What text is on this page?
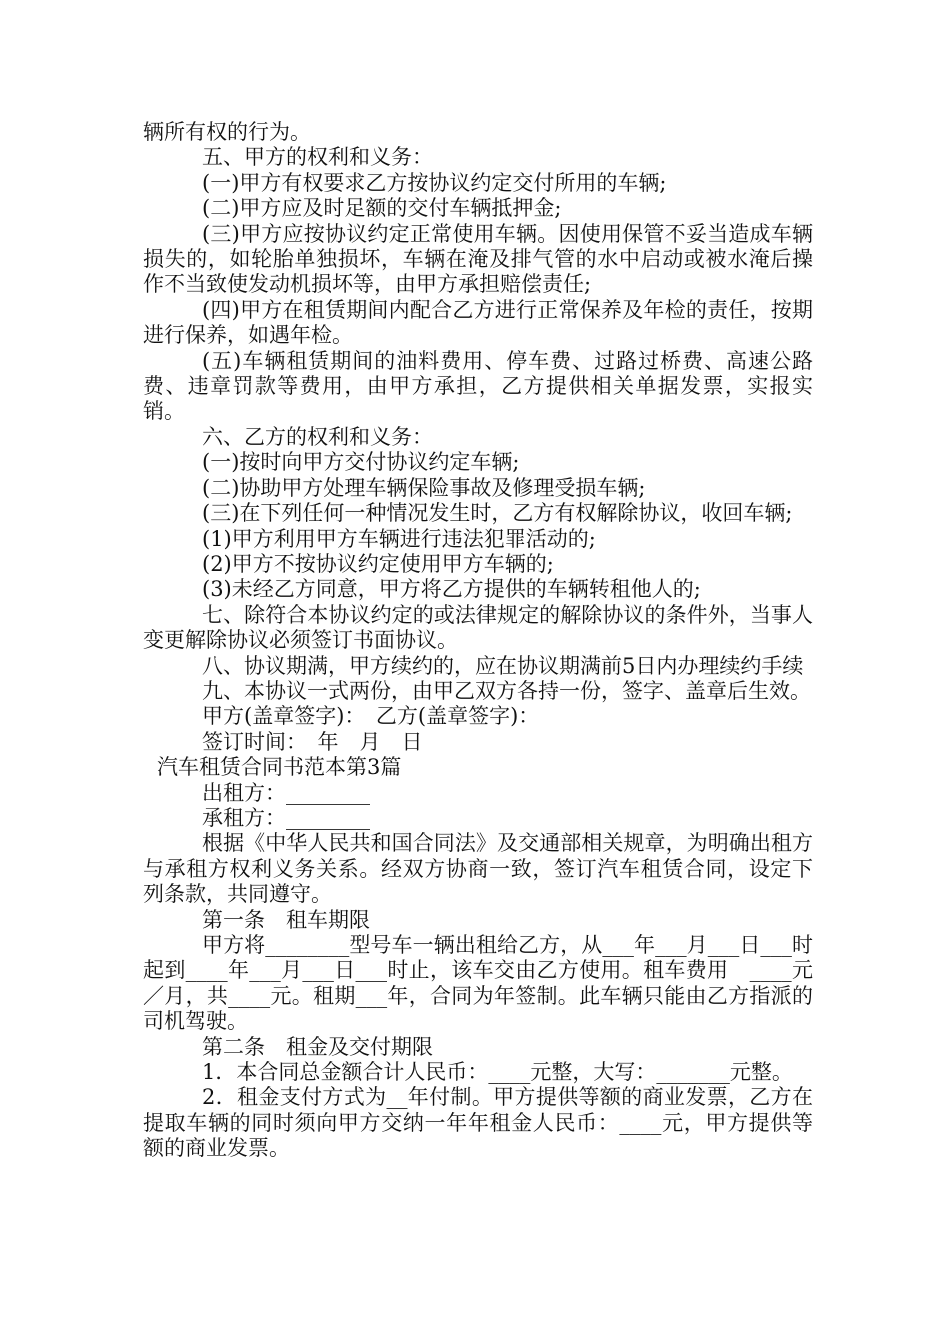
辆所有权的行为。

五、甲方的权利和义务：

(一)甲方有权要求乙方按协议约定交付所用的车辆;

(二)甲方应及时足额的交付车辆抵押金;

(三)甲方应按协议约定正常使用车辆。因使用保管不妥当造成车辆损失的，如轮胎单独损坏，车辆在淹及排气管的水中启动或被水淹后操作不当致使发动机损坏等，由甲方承担赔偿责任;

(四)甲方在租赁期间内配合乙方进行正常保养及年检的责任，按期进行保养，如遇年检。

(五)车辆租赁期间的油料费用、停车费、过路过桥费、高速公路费、违章罚款等费用，由甲方承担，乙方提供相关单据发票，实报实销。

六、乙方的权利和义务：

(一)按时向甲方交付协议约定车辆;

(二)协助甲方处理车辆保险事故及修理受损车辆;

(三)在下列任何一种情况发生时，乙方有权解除协议，收回车辆;

(1)甲方利用甲方车辆进行违法犯罪活动的;

(2)甲方不按协议约定使用甲方车辆的;

(3)未经乙方同意，甲方将乙方提供的车辆转租他人的;

七、除符合本协议约定的或法律规定的解除协议的条件外，当事人变更解除协议必须签订书面协议。

八、协议期满，甲方续约的，应在协议期满前5日内办理续约手续

九、本协议一式两份，由甲乙双方各持一份，签字、盖章后生效。

甲方(盖章签字)：　乙方(盖章签字)：

签订时间：　年　月　日

汽车租赁合同书范本第3篇

出租方：________

承租方：________

根据《中华人民共和国合同法》及交通部相关规章，为明确出租方与承租方权利义务关系。经双方协商一致，签订汽车租赁合同，设定下列条款，共同遵守。

第一条　租车期限

甲方将________型号车一辆出租给乙方，从___年___月___日___时起到____年___月___日___时止，该车交由乙方使用。租车费用　____元／月，共____元。租期___年，合同为年签制。此车辆只能由乙方指派的司机驾驶。

第二条　租金及交付期限

1．本合同总金额合计人民币：____元整，大写：_______元整。

2．租金支付方式为__年付制。甲方提供等额的商业发票，乙方在提取车辆的同时须向甲方交纳一年年租金人民币：____元，甲方提供等额的商业发票。
